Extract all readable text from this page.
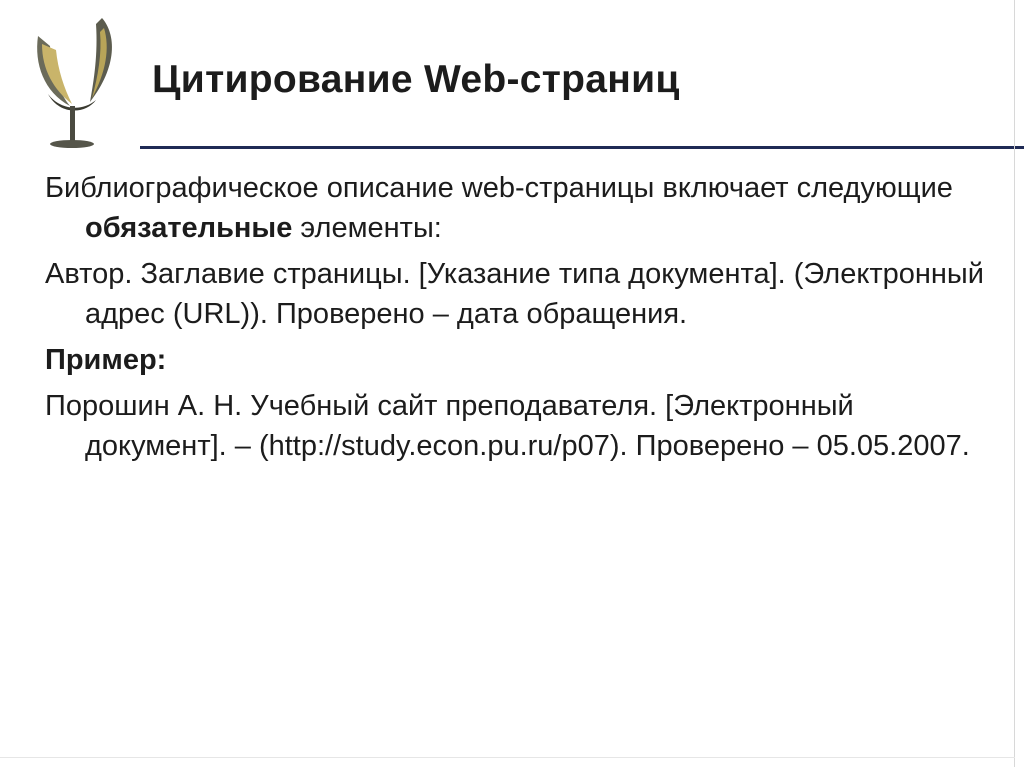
Цитирование Web-страниц

Библиографическое описание web-страницы включает следующие обязательные элементы:

Автор. Заглавие страницы. [Указание типа документа]. (Электронный адрес (URL)). Проверено – дата обращения.

Пример:

Порошин А. Н. Учебный сайт преподавателя. [Электронный документ]. – (http://study.econ.pu.ru/p07). Проверено – 05.05.2007.
